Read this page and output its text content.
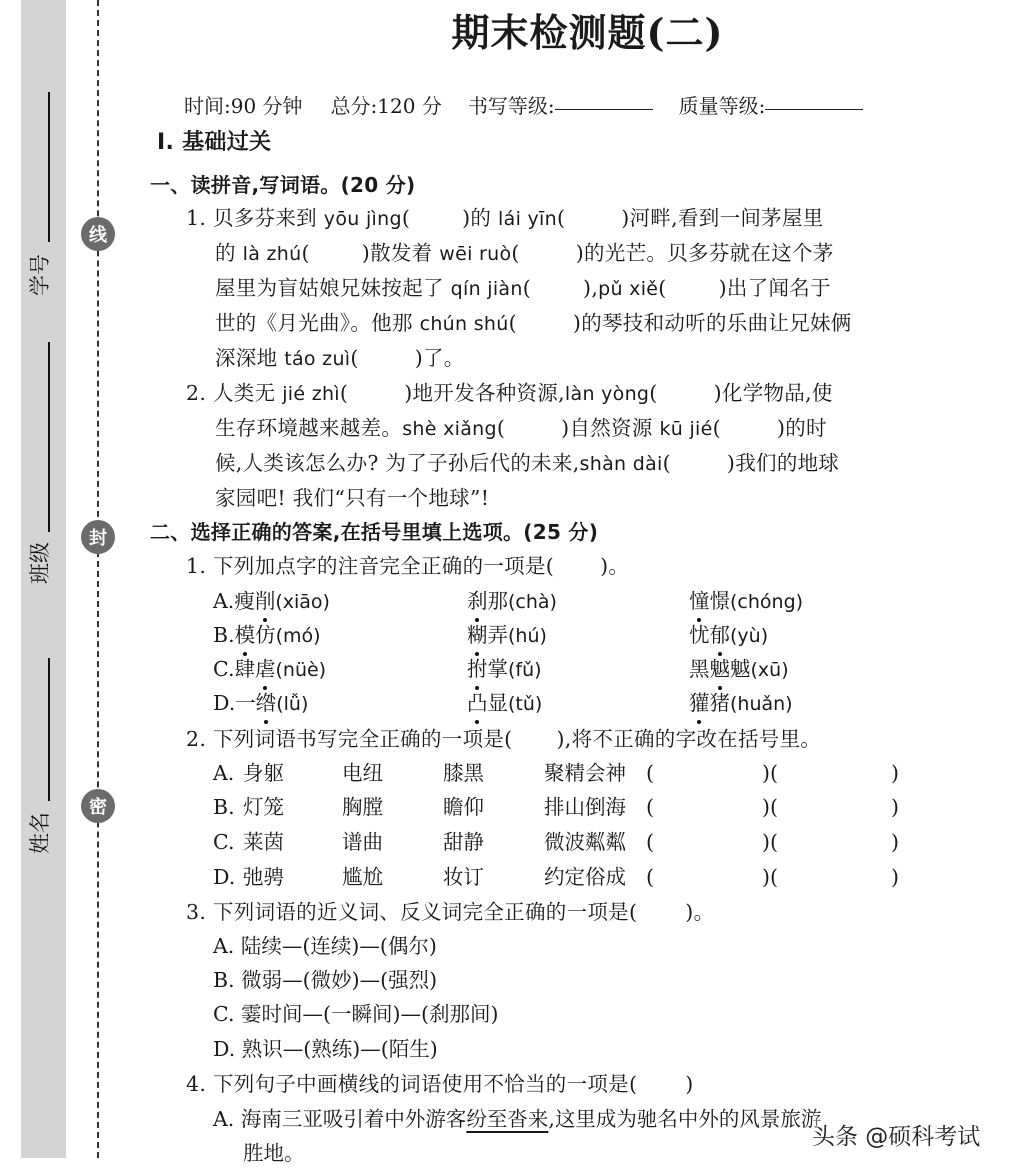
学号
班级
姓名
线
封
密
期末检测题(二)
时间:90 分钟 总分:120 分 书写等级:	质量等级:
Ⅰ. 基础过关
一、读拼音,写词语。(20 分)
1. 贝多芬来到 yōu jìng(	)的 lái yīn(	)河畔,看到一间茅屋里
的 là zhú(	)散发着 wēi ruò(	)的光芒。贝多芬就在这个茅
屋里为盲姑娘兄妹按起了 qín jiàn(	),pǔ xiě(	)出了闻名于
世的《月光曲》。他那 chún shú(	)的琴技和动听的乐曲让兄妹俩
深深地 táo zuì(	)了。
2. 人类无 jié zhì(	)地开发各种资源,làn yòng(	)化学物品,使
生存环境越来越差。shè xiǎng(	)自然资源 kū jié(	)的时
候,人类该怎么办? 为了子孙后代的未来,shàn dài(	)我们的地球
家园吧! 我们“只有一个地球”!
二、选择正确的答案,在括号里填上选项。(25 分)
1. 下列加点字的注音完全正确的一项是( )。
A.瘦削(xiāo)	刹那(chà)	憧憬(chóng)
B.模仿(mó)	糊弄(hú)	忧郁(yù)
C.肆虐(nüè)	拊掌(fǔ)	黑魆魆(xū)
D.一绺(lǚ)	凸显(tǔ)	獾猪(huǎn)
2. 下列词语书写完全正确的一项是( ),将不正确的字改在括号里。
A. 身躯	电纽	膝黑	聚精会神 (	)(	)
B. 灯笼	胸膛	瞻仰	排山倒海 (	)(	)
C. 莱茵	谱曲	甜静	微波粼粼 (	)(	)
D. 弛骋	尴尬	妆订	约定俗成 (	)(	)
3. 下列词语的近义词、反义词完全正确的一项是( )。
A. 陆续—(连续)—(偶尔)
B. 微弱—(微妙)—(强烈)
C. 霎时间—(一瞬间)—(刹那间)
D. 熟识—(熟练)—(陌生)
4. 下列句子中画横线的词语使用不恰当的一项是( )
A. 海南三亚吸引着中外游客纷至沓来,这里成为驰名中外的风景旅游
胜地。
头条 @硕科考试
